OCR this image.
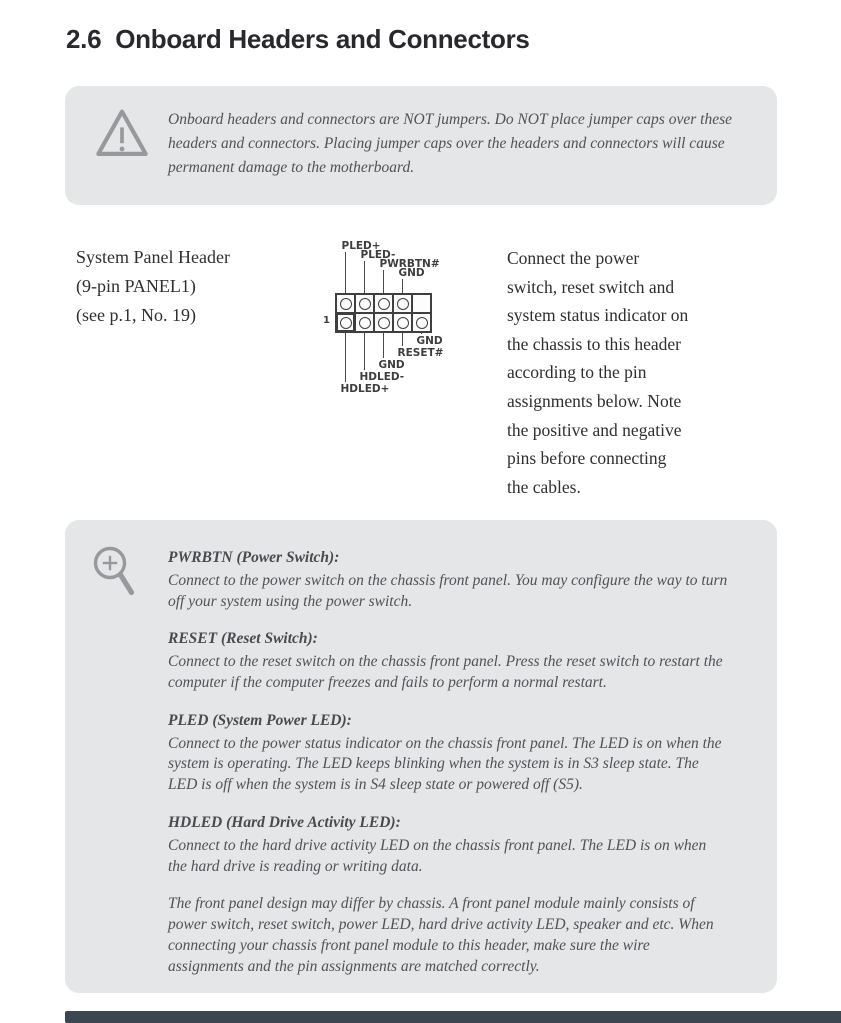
2.6 Onboard Headers and Connectors

Onboard headers and connectors are NOT jumpers. Do NOT place jumper caps over these headers and connectors. Placing jumper caps over the headers and connectors will cause permanent damage to the motherboard.

System Panel Header
(9-pin PANEL1)
(see p.1, No. 19)	1
PLED+
PLED-
PWRBTN#
GND
GND
RESET#
GND
HDLED-
HDLED+
Connect the power
switch, reset switch and
system status indicator on
the chassis to this header
according to the pin
assignments below. Note
the positive and negative
pins before connecting
the cables.
PWRBTN (Power Switch):
Connect to the power switch on the chassis front panel. You may configure the way to turn off your system using the power switch.
RESET (Reset Switch):
Connect to the reset switch on the chassis front panel. Press the reset switch to restart the computer if the computer freezes and fails to perform a normal restart.
PLED (System Power LED):
Connect to the power status indicator on the chassis front panel. The LED is on when the system is operating. The LED keeps blinking when the system is in S3 sleep state. The LED is off when the system is in S4 sleep state or powered off (S5).
HDLED (Hard Drive Activity LED):
Connect to the hard drive activity LED on the chassis front panel. The LED is on when the hard drive is reading or writing data.
The front panel design may differ by chassis. A front panel module mainly consists of power switch, reset switch, power LED, hard drive activity LED, speaker and etc. When connecting your chassis front panel module to this header, make sure the wire assignments and the pin assignments are matched correctly.
